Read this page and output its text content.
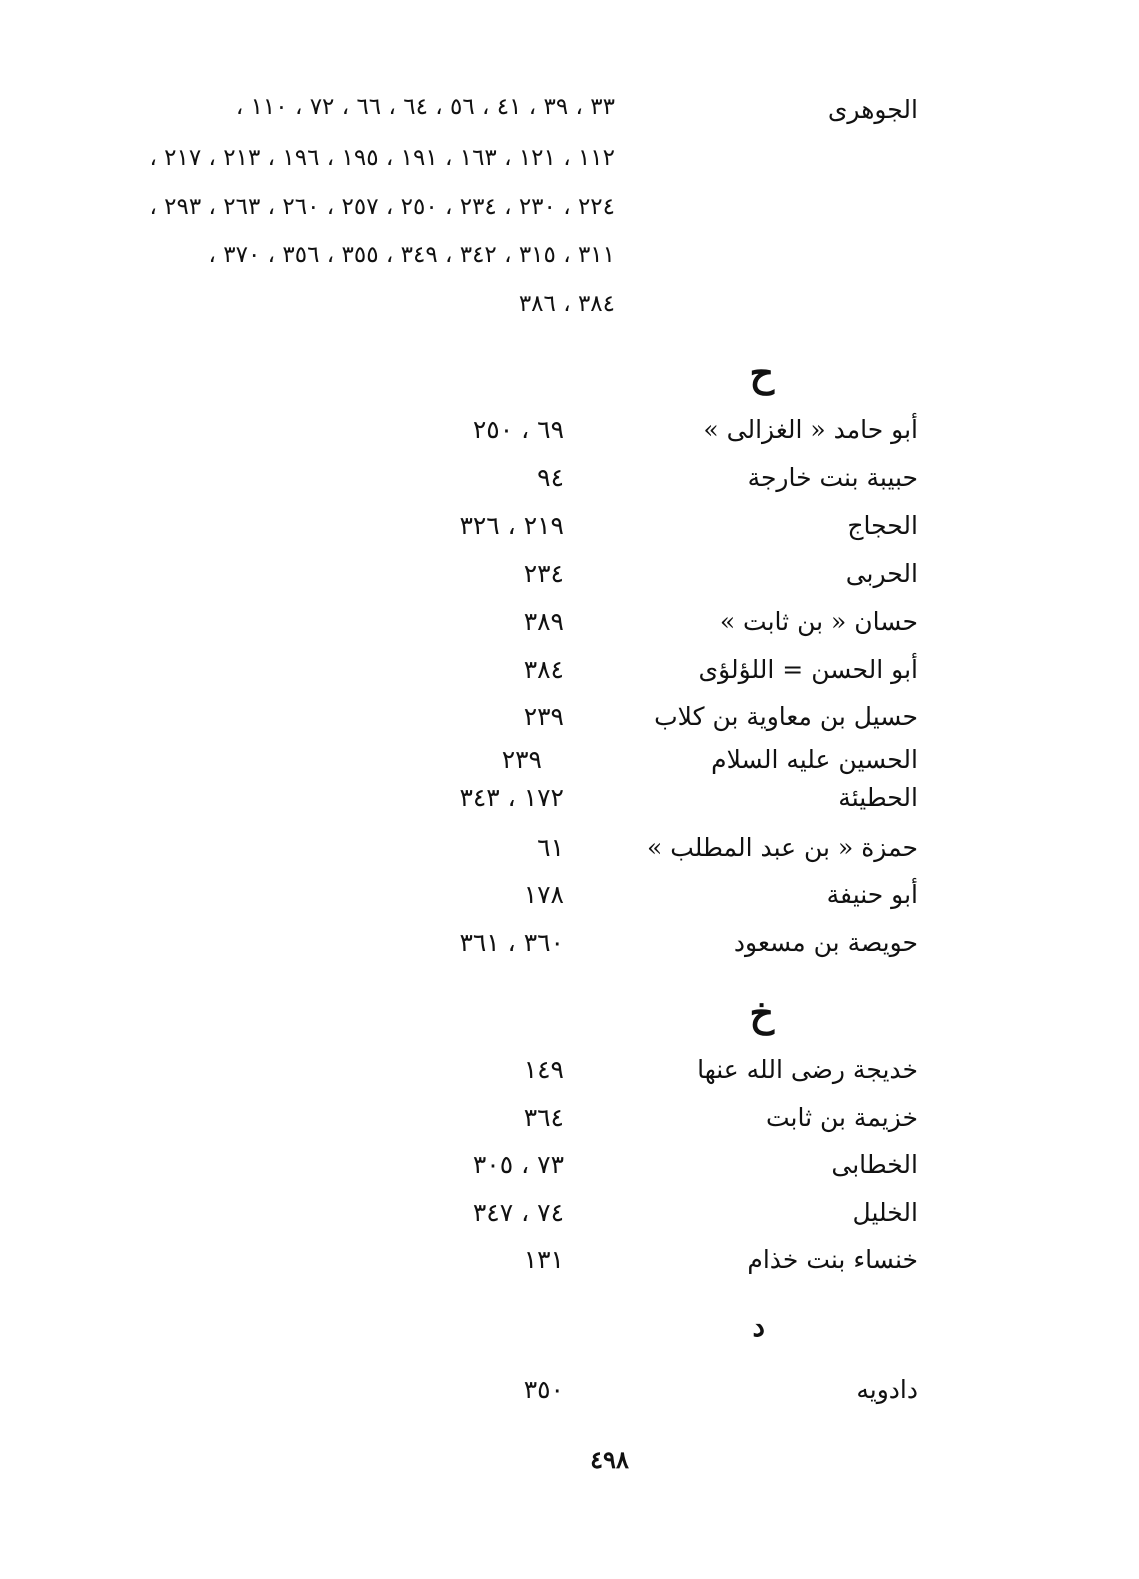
الجوهرى
٣٣ ، ٣٩ ، ٤١ ، ٥٦ ، ٦٤ ، ٦٦ ، ٧٢ ، ١١٠ ،
١١٢ ، ١٢١ ، ١٦٣ ، ١٩١ ، ١٩٥ ، ١٩٦ ، ٢١٣ ، ٢١٧ ،
٢٢٤ ، ٢٣٠ ، ٢٣٤ ، ٢٥٠ ، ٢٥٧ ، ٢٦٠ ، ٢٦٣ ، ٢٩٣ ،
٣١١ ، ٣١٥ ، ٣٤٢ ، ٣٤٩ ، ٣٥٥ ، ٣٥٦ ، ٣٧٠ ،
٣٨٤ ، ٣٨٦
ح
أبو حامد « الغزالى »
٦٩ ، ٢٥٠
حبيبة بنت خارجة
٩٤
الحجاج
٢١٩ ، ٣٢٦
الحربى
٢٣٤
حسان « بن ثابت »
٣٨٩
أبو الحسن = اللؤلؤى
٣٨٤
حسيل بن معاوية بن كلاب
٢٣٩
الحسين عليه السلام
٢٣٩
الحطيئة
١٧٢ ، ٣٤٣
حمزة « بن عبد المطلب »
٦١
أبو حنيفة
١٧٨
حويصة بن مسعود
٣٦٠ ، ٣٦١
خ
خديجة رضى الله عنها
١٤٩
خزيمة بن ثابت
٣٦٤
الخطابى
٧٣ ، ٣٠٥
الخليل
٧٤ ، ٣٤٧
خنساء بنت خذام
١٣١
د
دادويه
٣٥٠
٤٩٨
